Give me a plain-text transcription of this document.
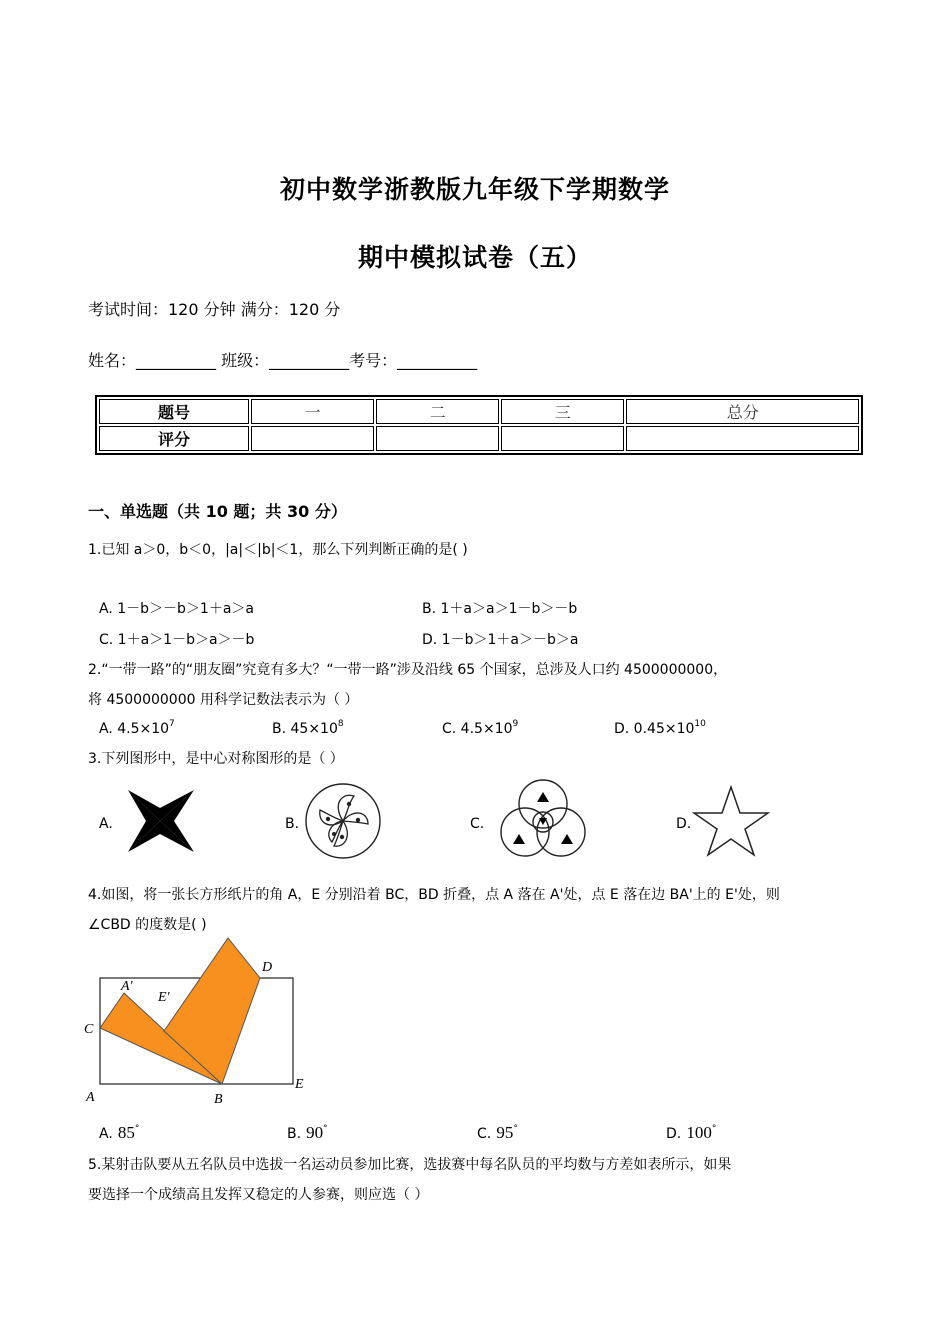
初中数学浙教版九年级下学期数学
期中模拟试卷（五）
考试时间：120 分钟 满分：120 分
姓名：__________ 班级：__________考号：__________
题号	一	二	三	总分
评分				
一、单选题（共 10 题；共 30 分）
1.已知 a＞0，b＜0，|a|＜|b|＜1，那么下列判断正确的是( )
A. 1－b＞－b＞1＋a＞a	B. 1＋a＞a＞1－b＞－b
C. 1＋a＞1－b＞a＞－b	D. 1－b＞1＋a＞－b＞a
2.“一带一路”的“朋友圈”究竟有多大？“一带一路”涉及沿线 65 个国家，总涉及人口约 4500000000，
将 4500000000 用科学记数法表示为（ ）
A. $4.5\times 10^7$	B. $45\times 10^8$	C. $4.5\times 10^9$	D. $0.45\times 10^{10}$
3.下列图形中，是中心对称图形的是（ ）
A.	B.	C.	D.
4.如图，将一张长方形纸片的角 A，E 分别沿着 BC，BD 折叠，点 A 落在 A'处，点 E 落在边 BA'上的 E'处，则
∠CBD 的度数是( )
A'
E'
D
C
A	B
E
A. 85°	B. 90°	C. 95°	D. 100°
5.某射击队要从五名队员中选拔一名运动员参加比赛，选拔赛中每名队员的平均数与方差如表所示，如果
要选择一个成绩高且发挥又稳定的人参赛，则应选（ ）
